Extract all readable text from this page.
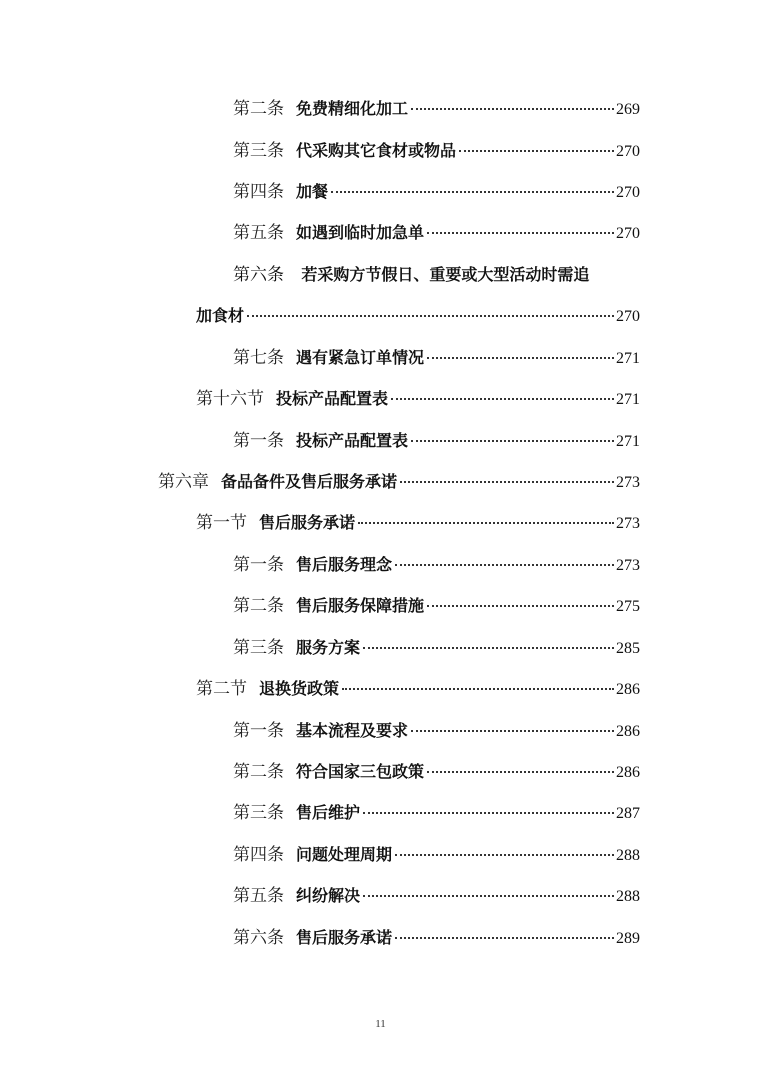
第二条 免费精细化加工	269
第三条 代采购其它食材或物品	270
第四条 加餐	270
第五条 如遇到临时加急单	270
第六条 若采购方节假日、重要或大型活动时需追
加食材	270
第七条 遇有紧急订单情况	271
第十六节 投标产品配置表	271
第一条 投标产品配置表	271
第六章 备品备件及售后服务承诺	273
第一节 售后服务承诺	273
第一条 售后服务理念	273
第二条 售后服务保障措施	275
第三条 服务方案	285
第二节 退换货政策	286
第一条 基本流程及要求	286
第二条 符合国家三包政策	286
第三条 售后维护	287
第四条 问题处理周期	288
第五条 纠纷解决	288
第六条 售后服务承诺	289
11
